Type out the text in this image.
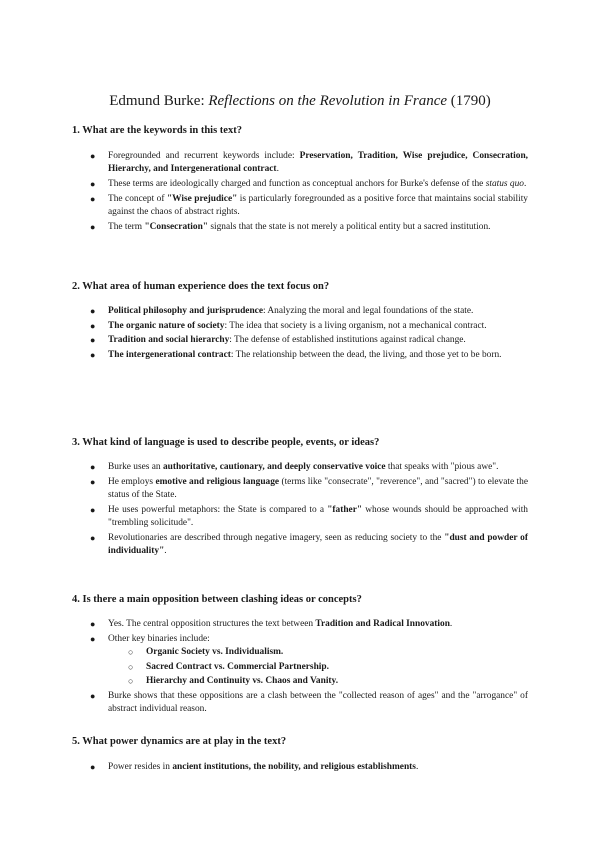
Edmund Burke: Reflections on the Revolution in France (1790)
1. What are the keywords in this text?
● Foregrounded and recurrent keywords include: Preservation, Tradition, Wise prejudice, Consecration, Hierarchy, and Intergenerational contract.
● These terms are ideologically charged and function as conceptual anchors for Burke's defense of the status quo.
● The concept of "Wise prejudice" is particularly foregrounded as a positive force that maintains social stability against the chaos of abstract rights.
● The term "Consecration" signals that the state is not merely a political entity but a sacred institution.
2. What area of human experience does the text focus on?
● Political philosophy and jurisprudence: Analyzing the moral and legal foundations of the state.
● The organic nature of society: The idea that society is a living organism, not a mechanical contract.
● Tradition and social hierarchy: The defense of established institutions against radical change.
● The intergenerational contract: The relationship between the dead, the living, and those yet to be born.
3. What kind of language is used to describe people, events, or ideas?
● Burke uses an authoritative, cautionary, and deeply conservative voice that speaks with "pious awe".
● He employs emotive and religious language (terms like "consecrate", "reverence", and "sacred") to elevate the status of the State.
● He uses powerful metaphors: the State is compared to a "father" whose wounds should be approached with "trembling solicitude".
● Revolutionaries are described through negative imagery, seen as reducing society to the "dust and powder of individuality".
4. Is there a main opposition between clashing ideas or concepts?
● Yes. The central opposition structures the text between Tradition and Radical Innovation.
● Other key binaries include:
○ Organic Society vs. Individualism.
○ Sacred Contract vs. Commercial Partnership.
○ Hierarchy and Continuity vs. Chaos and Vanity.
● Burke shows that these oppositions are a clash between the "collected reason of ages" and the "arrogance" of abstract individual reason.
5. What power dynamics are at play in the text?
● Power resides in ancient institutions, the nobility, and religious establishments.
